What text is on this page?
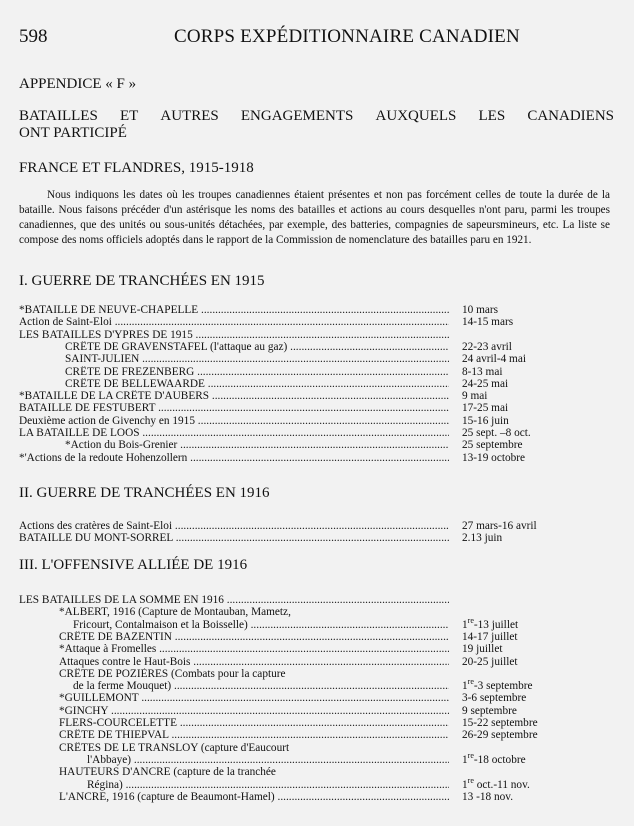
598	CORPS EXPÉDITIONNAIRE CANADIEN
APPENDICE « F »
BATAILLES ET AUTRES ENGAGEMENTS AUXQUELS LES CANADIENS
ONT PARTICIPÉ
FRANCE ET FLANDRES, 1915-1918
Nous indiquons les dates où les troupes canadiennes étaient présentes et non pas forcément celles de toute la durée de la bataille. Nous faisons précéder d'un astérisque les noms des batailles et actions au cours desquelles n'ont paru, parmi les troupes canadiennes, que des unités ou sous-unités détachées, par exemple, des batteries, compagnies de sapeursmineurs, etc. La liste se compose des noms officiels adoptés dans le rapport de la Commission de nomenclature des batailles paru en 1921.
I. GUERRE DE TRANCHÉES EN 1915
*BATAILLE DE NEUVE-CHAPELLE .....	10 mars
Action de Saint-Eloi .....	14-15 mars
LES BATAILLES D'YPRES DE 1915 .....
CRÊTE DE GRAVENSTAFEL (l'attaque au gaz) .....	22-23 avril
SAINT-JULIEN .....	24 avril-4 mai
CRÊTE DE FREZENBERG .....	8-13 mai
CRÊTE DE BELLEWAARDE .....	24-25 mai
*BATAILLE DE LA CRÊTE D'AUBERS .....	9 mai
BATAILLE DE FESTUBERT .....	17-25 mai
Deuxième action de Givenchy en 1915 .....	15-16 juin
LA BATAILLE DE LOOS .....	25 sept. –8 oct.
*Action du Bois-Grenier .....	25 septembre
*'Actions de la redoute Hohenzollern .....	13-19 octobre
II. GUERRE DE TRANCHÉES EN 1916
Actions des cratères de Saint-Eloi .....	27 mars-16 avril
BATAILLE DU MONT-SORREL .....	2.13 juin
III. L'OFFENSIVE ALLIÉE DE 1916
LES BATAILLES DE LA SOMME EN 1916 .....
*ALBERT, 1916 (Capture de Montauban, Mametz,
Fricourt, Contalmaison et la Boisselle) .....	1re-13 juillet
CRÊTE DE BAZENTIN .....	14-17 juillet
*Attaque à Fromelles .....	19 juillet
Attaques contre le Haut-Bois .....	20-25 juillet
CRÊTE DE POZIÈRES (Combats pour la capture
de la ferme Mouquet) .....	1re-3 septembre
*GUILLEMONT .....	3-6 septembre
*GINCHY .....	9 septembre
FLERS-COURCELETTE .....	15-22 septembre
CRÊTE DE THIEPVAL .....	26-29 septembre
CRÊTES DE LE TRANSLOY (capture d'Eaucourt
l'Abbaye) .....	1re-18 octobre
HAUTEURS D'ANCRE (capture de la tranchée
Régina) .....	1re oct.-11 nov.
L'ANCRE, 1916 (capture de Beaumont-Hamel) .....	13 -18 nov.
